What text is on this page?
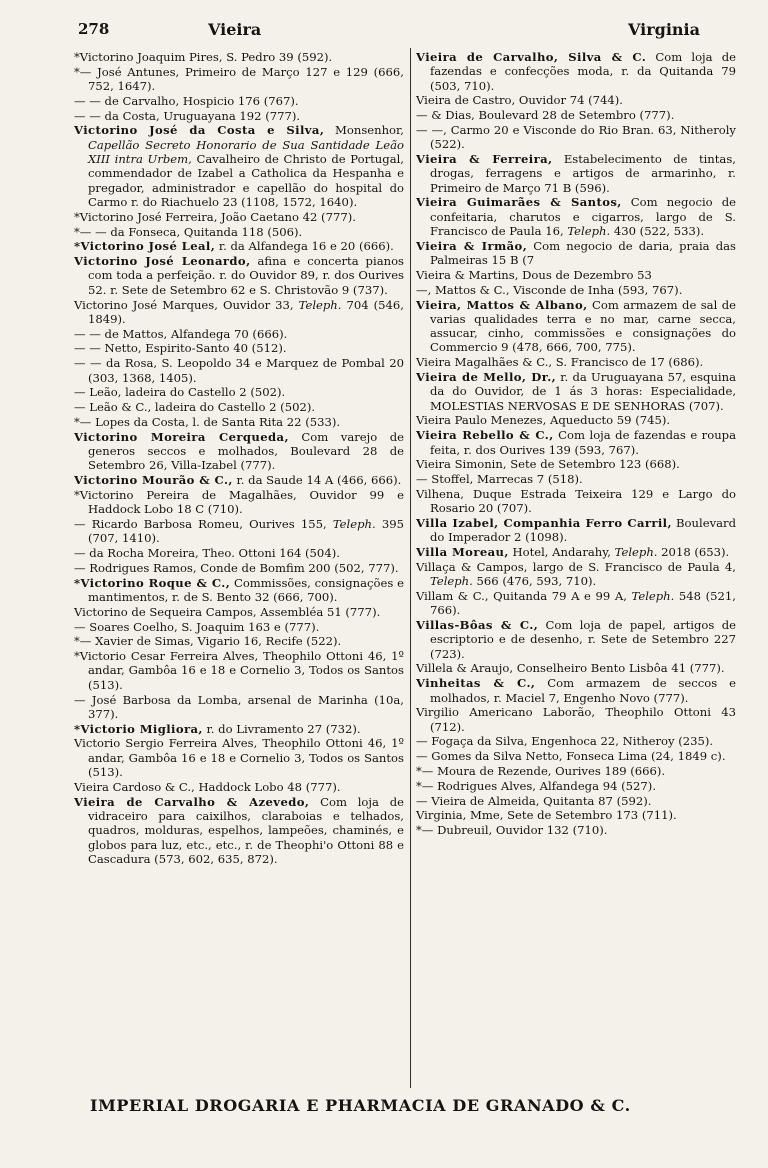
278	Vieira	Virginia

*Victorino Joaquim Pires, S. Pedro 39 (592).

*— José Antunes, Primeiro de Março 127 e 129 (666, 752, 1647).

— — de Carvalho, Hospicio 176 (767).

— — da Costa, Uruguayana 192 (777).

Victorino José da Costa e Silva, Monsenhor, Capellão Secreto Honorario de Sua Santidade Leão XIII intra Urbem, Cavalheiro de Christo de Portugal, commendador de Izabel a Catholica da Hespanha e pregador, administrador e capellão do hospital do Carmo r. do Riachuelo 23 (1108, 1572, 1640).

*Victorino José Ferreira, João Caetano 42 (777).

*— — da Fonseca, Quitanda 118 (506).

*Victorino José Leal, r. da Alfandega 16 e 20 (666).

Victorino José Leonardo, afina e concerta pianos com toda a perfeição. r. do Ouvidor 89, r. dos Ourives 52. r. Sete de Setembro 62 e S. Christovão 9 (737).

Victorino José Marques, Ouvidor 33, Teleph. 704 (546, 1849).

— — de Mattos, Alfandega 70 (666).

— — Netto, Espirito-Santo 40 (512).

— — da Rosa, S. Leopoldo 34 e Marquez de Pombal 20 (303, 1368, 1405).

— Leão, ladeira do Castello 2 (502).

— Leão & C., ladeira do Castello 2 (502).

*— Lopes da Costa, l. de Santa Rita 22 (533).

Victorino Moreira Cerqueda, Com varejo de generos seccos e molhados, Boulevard 28 de Setembro 26, Villa-Izabel (777).

Victorino Mourão & C., r. da Saude 14 A (466, 666).

*Victorino Pereira de Magalhães, Ouvidor 99 e Haddock Lobo 18 C (710).

— Ricardo Barbosa Romeu, Ourives 155, Teleph. 395 (707, 1410).

— da Rocha Moreira, Theo. Ottoni 164 (504).

— Rodrigues Ramos, Conde de Bomfim 200 (502, 777).

*Victorino Roque & C., Commissões, consignações e mantimentos, r. de S. Bento 32 (666, 700).

Victorino de Sequeira Campos, Assembléa 51 (777).

— Soares Coelho, S. Joaquim 163 e (777).

*— Xavier de Simas, Vigario 16, Recife (522).

*Victorio Cesar Ferreira Alves, Theophilo Ottoni 46, 1º andar, Gambôa 16 e 18 e Cornelio 3, Todos os Santos (513).

— José Barbosa da Lomba, arsenal de Marinha (10a, 377).

*Victorio Migliora, r. do Livramento 27 (732).

Victorio Sergio Ferreira Alves, Theophilo Ottoni 46, 1º andar, Gambôa 16 e 18 e Cornelio 3, Todos os Santos (513).

Vieira Cardoso & C., Haddock Lobo 48 (777).

Vieira de Carvalho & Azevedo, Com loja de vidraceiro para caixilhos, claraboias e telhados, quadros, molduras, espelhos, lampeões, chaminés, e globos para luz, etc., etc., r. de Theophi'o Ottoni 88 e Cascadura (573, 602, 635, 872).

Vieira de Carvalho, Silva & C. Com loja de fazendas e confecções moda, r. da Quitanda 79 (503, 710).

Vieira de Castro, Ouvidor 74 (744).

— & Dias, Boulevard 28 de Setembro (777).

— —, Carmo 20 e Visconde do Rio Bran. 63, Nitheroly (522).

Vieira & Ferreira, Estabelecimento de tintas, drogas, ferragens e artigos de armarinho, r. Primeiro de Março 71 B (596).

Vieira Guimarães & Santos, Com negocio de confeitaria, charutos e cigarros, largo de S. Francisco de Paula 16, Teleph. 430 (522, 533).

Vieira & Irmão, Com negocio de daria, praia das Palmeiras 15 B (7

Vieira & Martins, Dous de Dezembro 53

—, Mattos & C., Visconde de Inha (593, 767).

Vieira, Mattos & Albano, Com armazem de sal de varias qualidades terra e no mar, carne secca, assucar, cinho, commissões e consignações do Commercio 9 (478, 666, 700, 775).

Vieira Magalhães & C., S. Francisco de 17 (686).

Vieira de Mello, Dr., r. da Uruguayana 57, esquina da do Ouvidor, de 1 ás 3 horas: Especialidade, MOLESTIAS NERVOSAS E DE SENHORAS (707).

Vieira Paulo Menezes, Aqueducto 59 (745).

Vieira Rebello & C., Com loja de fazendas e roupa feita, r. dos Ourives 139 (593, 767).

Vieira Simonin, Sete de Setembro 123 (668).

— Stoffel, Marrecas 7 (518).

Vilhena, Duque Estrada Teixeira 129 e Largo do Rosario 20 (707).

Villa Izabel, Companhia Ferro Carril, Boulevard do Imperador 2 (1098).

Villa Moreau, Hotel, Andarahy, Teleph. 2018 (653).

Villaça & Campos, largo de S. Francisco de Paula 4, Teleph. 566 (476, 593, 710).

Villam & C., Quitanda 79 A e 99 A, Teleph. 548 (521, 766).

Villas-Bôas & C., Com loja de papel, artigos de escriptorio e de desenho, r. Sete de Setembro 227 (723).

Villela & Araujo, Conselheiro Bento Lisbôa 41 (777).

Vinheitas & C., Com armazem de seccos e molhados, r. Maciel 7, Engenho Novo (777).

Virgilio Americano Laborão, Theophilo Ottoni 43 (712).

— Fogaça da Silva, Engenhoca 22, Nitheroy (235).

— Gomes da Silva Netto, Fonseca Lima (24, 1849 c).

*— Moura de Rezende, Ourives 189 (666).

*— Rodrigues Alves, Alfandega 94 (527).

— Vieira de Almeida, Quitanta 87 (592).

Virginia, Mme, Sete de Setembro 173 (711).

*— Dubreuil, Ouvidor 132 (710).

IMPERIAL DROGARIA E PHARMACIA DE GRANADO & C.
